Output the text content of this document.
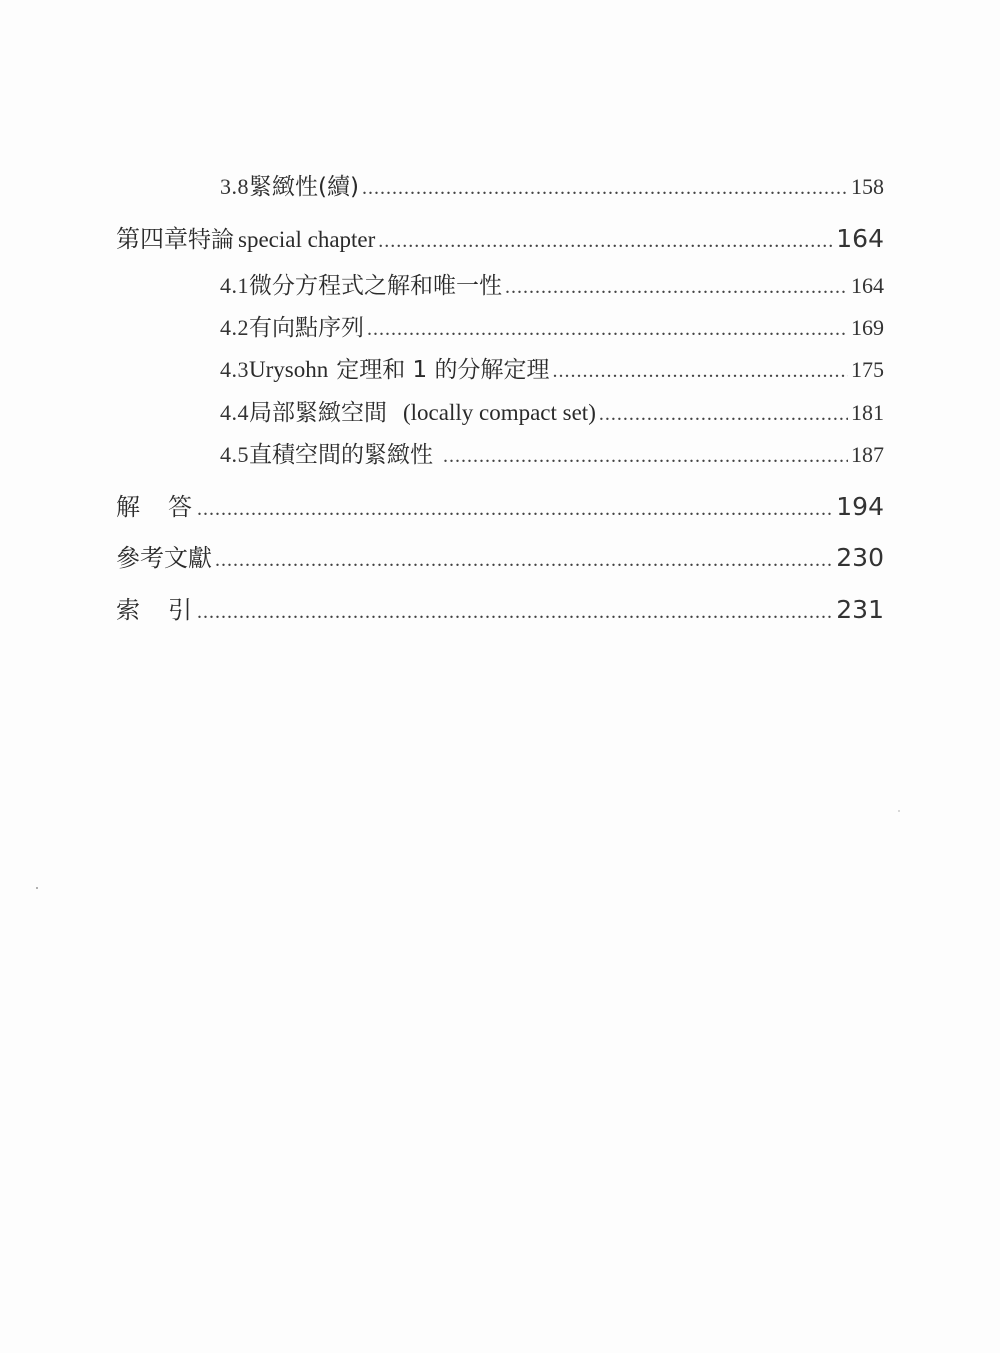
3.8 緊緻性(續) .....	158
第四章 特論 special chapter .....	164
4.1 微分方程式之解和唯一性 .....	164
4.2 有向點序列 .....	169
4.3 Urysohn 定理和 1 的分解定理 .....	175
4.4 局部緊緻空間 (locally compact set) .....	181
4.5 直積空間的緊緻性 .....	187
解　答 .....	194
參考文獻 .....	230
索　引 .....	231
